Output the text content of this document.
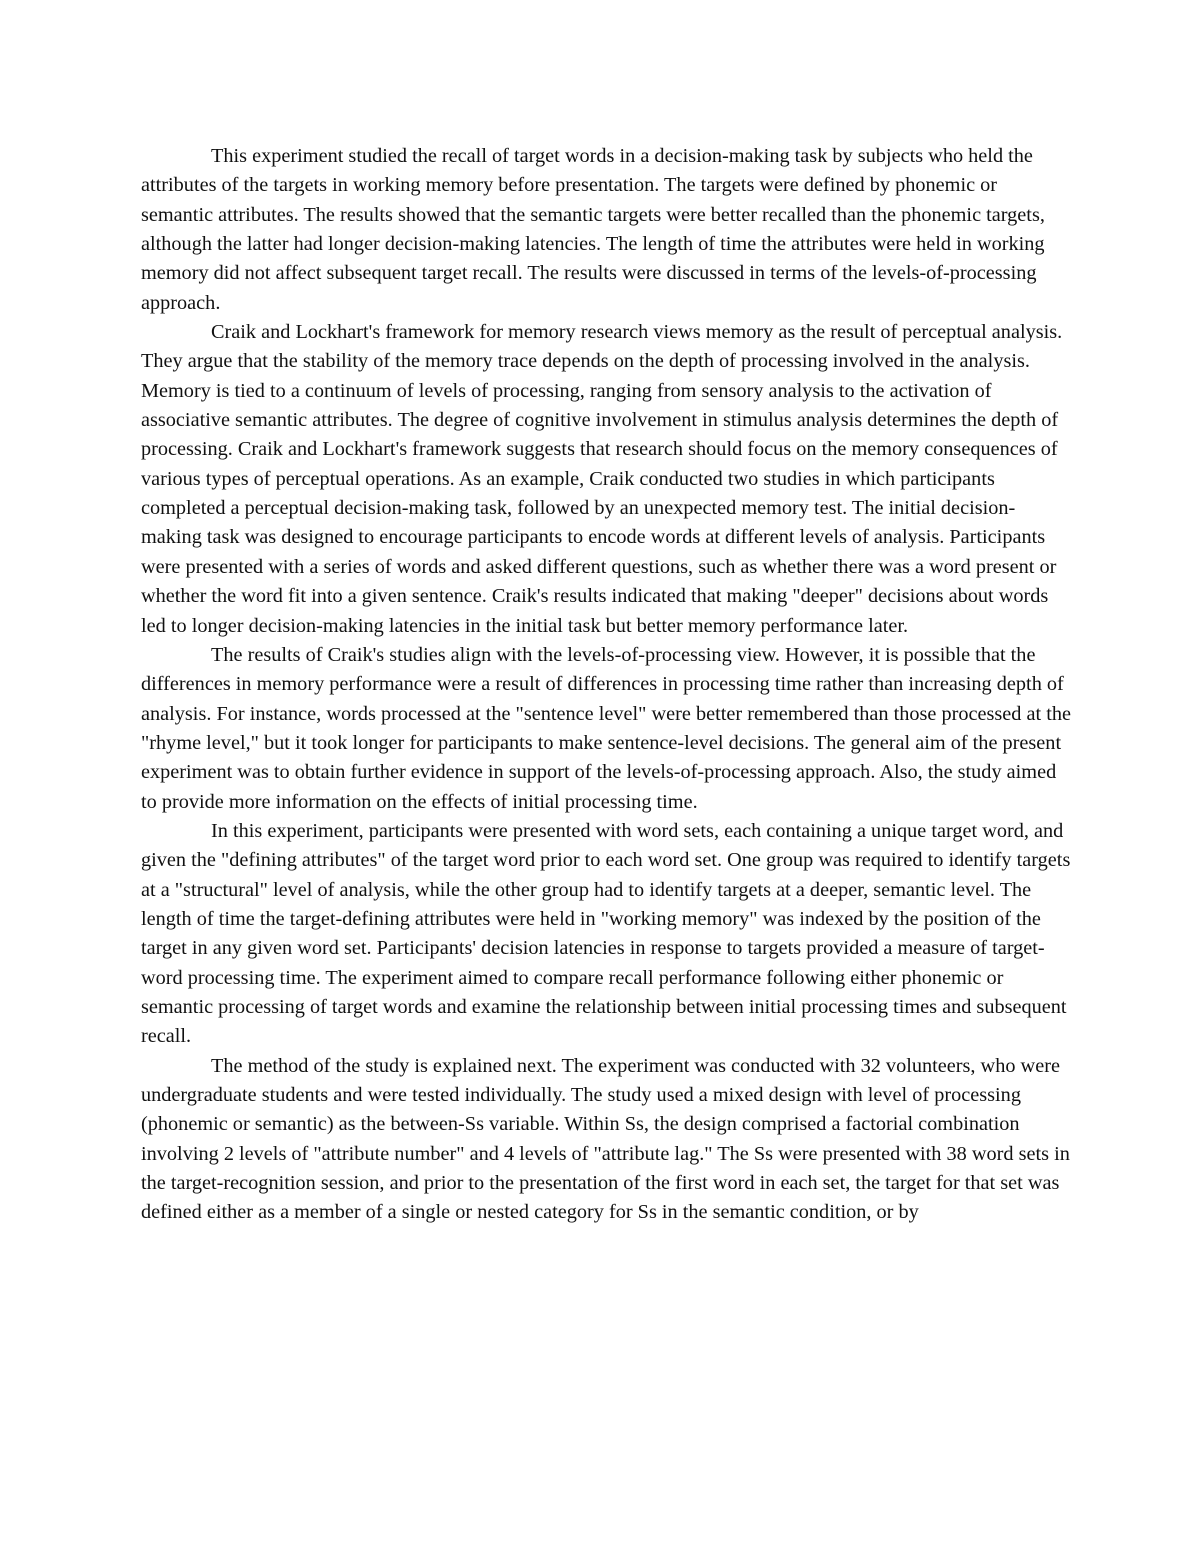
This experiment studied the recall of target words in a decision-making task by subjects who held the attributes of the targets in working memory before presentation. The targets were defined by phonemic or semantic attributes. The results showed that the semantic targets were better recalled than the phonemic targets, although the latter had longer decision-making latencies. The length of time the attributes were held in working memory did not affect subsequent target recall. The results were discussed in terms of the levels-of-processing approach.

Craik and Lockhart's framework for memory research views memory as the result of perceptual analysis. They argue that the stability of the memory trace depends on the depth of processing involved in the analysis. Memory is tied to a continuum of levels of processing, ranging from sensory analysis to the activation of associative semantic attributes. The degree of cognitive involvement in stimulus analysis determines the depth of processing. Craik and Lockhart's framework suggests that research should focus on the memory consequences of various types of perceptual operations. As an example, Craik conducted two studies in which participants completed a perceptual decision-making task, followed by an unexpected memory test. The initial decision-making task was designed to encourage participants to encode words at different levels of analysis. Participants were presented with a series of words and asked different questions, such as whether there was a word present or whether the word fit into a given sentence. Craik's results indicated that making "deeper" decisions about words led to longer decision-making latencies in the initial task but better memory performance later.

The results of Craik's studies align with the levels-of-processing view. However, it is possible that the differences in memory performance were a result of differences in processing time rather than increasing depth of analysis. For instance, words processed at the "sentence level" were better remembered than those processed at the "rhyme level," but it took longer for participants to make sentence-level decisions. The general aim of the present experiment was to obtain further evidence in support of the levels-of-processing approach. Also, the study aimed to provide more information on the effects of initial processing time.

In this experiment, participants were presented with word sets, each containing a unique target word, and given the "defining attributes" of the target word prior to each word set. One group was required to identify targets at a "structural" level of analysis, while the other group had to identify targets at a deeper, semantic level. The length of time the target-defining attributes were held in "working memory" was indexed by the position of the target in any given word set. Participants' decision latencies in response to targets provided a measure of target-word processing time. The experiment aimed to compare recall performance following either phonemic or semantic processing of target words and examine the relationship between initial processing times and subsequent recall.

The method of the study is explained next. The experiment was conducted with 32 volunteers, who were undergraduate students and were tested individually. The study used a mixed design with level of processing (phonemic or semantic) as the between-Ss variable. Within Ss, the design comprised a factorial combination involving 2 levels of "attribute number" and 4 levels of "attribute lag." The Ss were presented with 38 word sets in the target-recognition session, and prior to the presentation of the first word in each set, the target for that set was defined either as a member of a single or nested category for Ss in the semantic condition, or by
